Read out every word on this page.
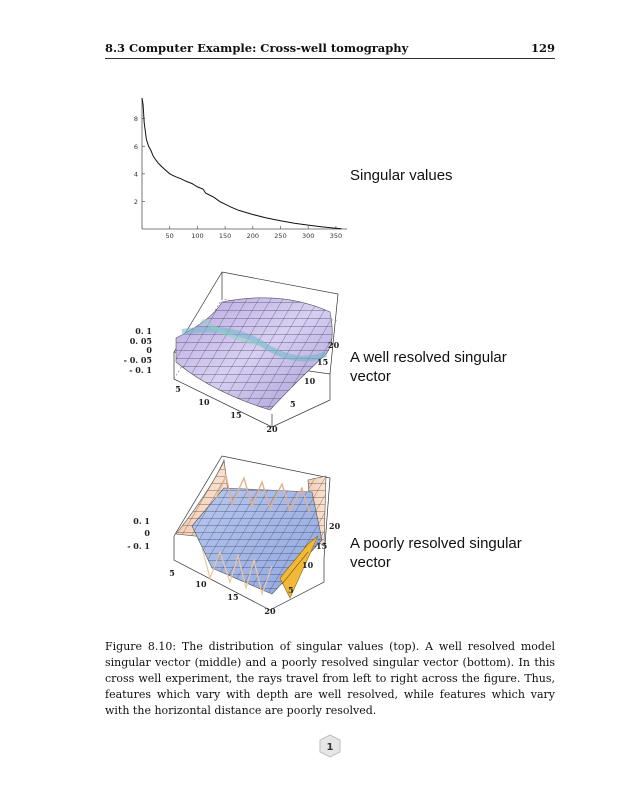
8.3 Computer Example: Cross-well tomography	129
2
4
6
8
50	100 150 200 250 300 350
Singular values
0. 1
0. 05
0
- 0. 05
- 0. 1
5
10
15
20
5
10
15
20
A well resolved singular vector
0. 1
0
- 0. 1
5
10
15
20
5
10
15
20
A poorly resolved singular vector

Figure 8.10: The distribution of singular values (top). A well resolved model singular vector (middle) and a poorly resolved singular vector (bottom). In this cross well experiment, the rays travel from left to right across the figure. Thus, features which vary with depth are well resolved, while features which vary with the horizontal distance are poorly resolved.

1
